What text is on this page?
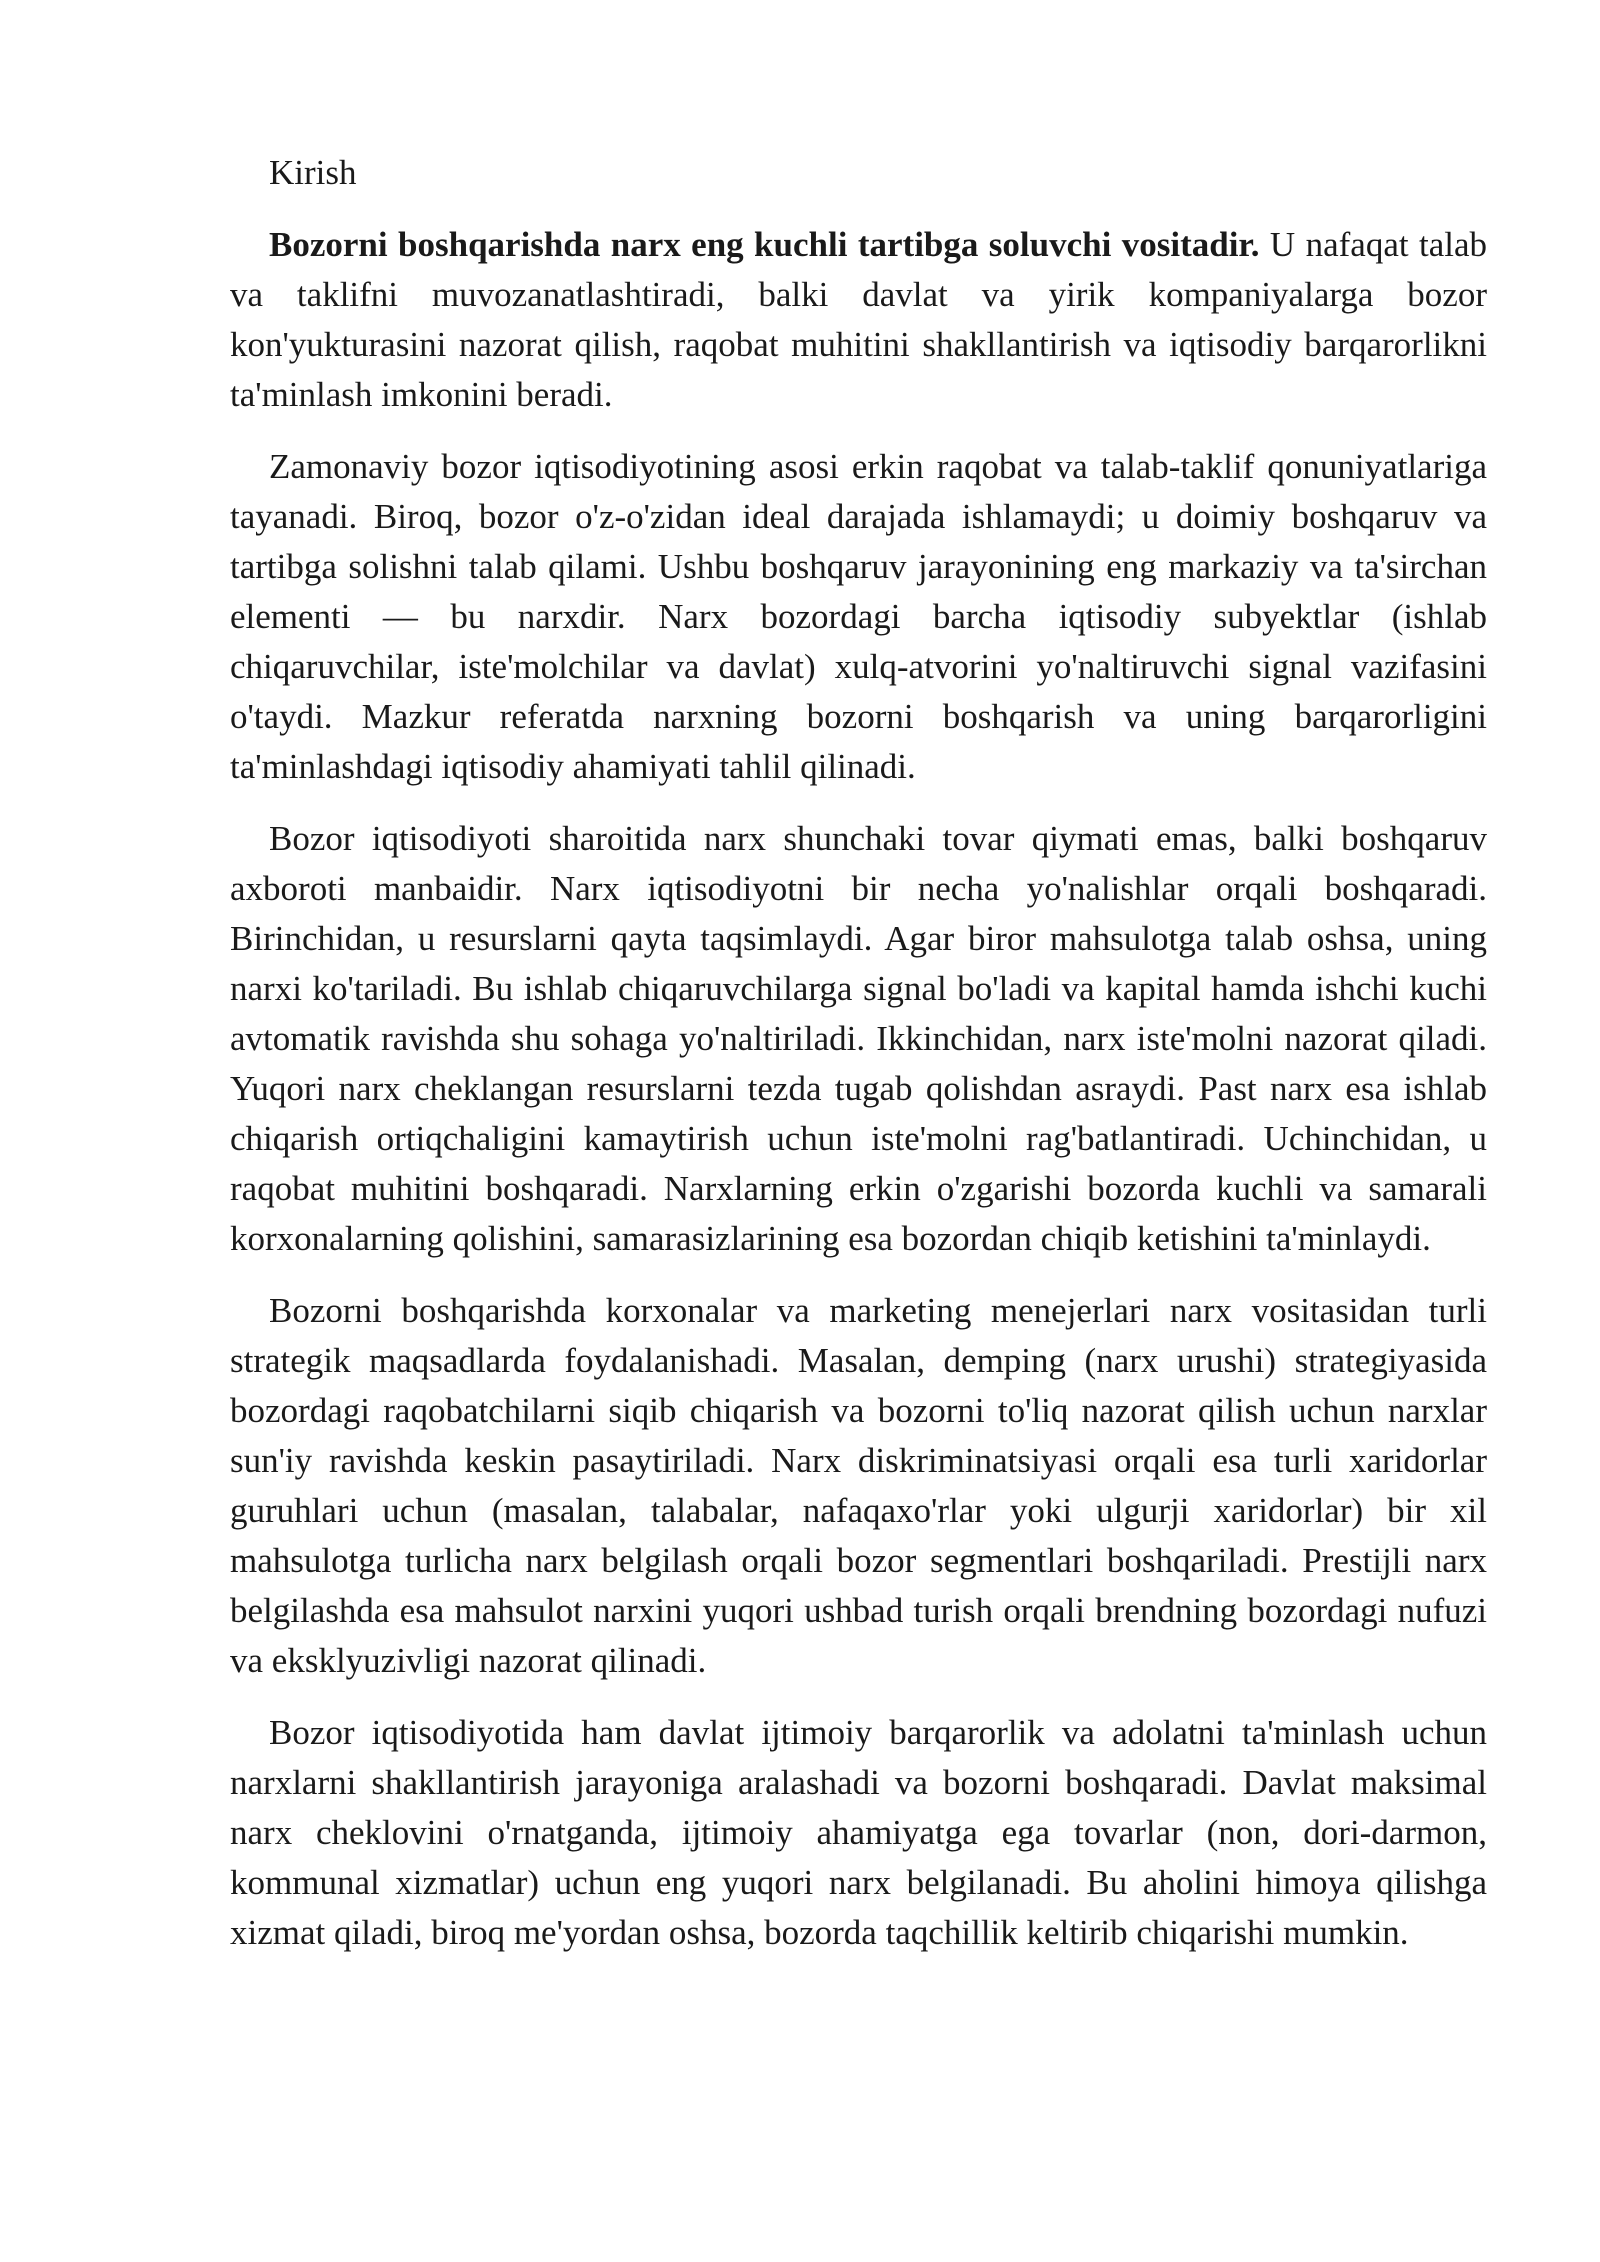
Kirish

Bozorni boshqarishda narx eng kuchli tartibga soluvchi vositadir. U nafaqat talab va taklifni muvozanatlashtiradi, balki davlat va yirik kompaniyalarga bozor kon'yukturasini nazorat qilish, raqobat muhitini shakllantirish va iqtisodiy barqarorlikni ta'minlash imkonini beradi.

Zamonaviy bozor iqtisodiyotining asosi erkin raqobat va talab-taklif qonuniyatlariga tayanadi. Biroq, bozor o'z-o'zidan ideal darajada ishlamaydi; u doimiy boshqaruv va tartibga solishni talab qilami. Ushbu boshqaruv jarayonining eng markaziy va ta'sirchan elementi — bu narxdir. Narx bozordagi barcha iqtisodiy subyektlar (ishlab chiqaruvchilar, iste'molchilar va davlat) xulq-atvorini yo'naltiruvchi signal vazifasini o'taydi. Mazkur referatda narxning bozorni boshqarish va uning barqarorligini ta'minlashdagi iqtisodiy ahamiyati tahlil qilinadi.

Bozor iqtisodiyoti sharoitida narx shunchaki tovar qiymati emas, balki boshqaruv axboroti manbaidir. Narx iqtisodiyotni bir necha yo'nalishlar orqali boshqaradi. Birinchidan, u resurslarni qayta taqsimlaydi. Agar biror mahsulotga talab oshsa, uning narxi ko'tariladi. Bu ishlab chiqaruvchilarga signal bo'ladi va kapital hamda ishchi kuchi avtomatik ravishda shu sohaga yo'naltiriladi. Ikkinchidan, narx iste'molni nazorat qiladi. Yuqori narx cheklangan resurslarni tezda tugab qolishdan asraydi. Past narx esa ishlab chiqarish ortiqchaligini kamaytirish uchun iste'molni rag'batlantiradi. Uchinchidan, u raqobat muhitini boshqaradi. Narxlarning erkin o'zgarishi bozorda kuchli va samarali korxonalarning qolishini, samarasizlarining esa bozordan chiqib ketishini ta'minlaydi.

Bozorni boshqarishda korxonalar va marketing menejerlari narx vositasidan turli strategik maqsadlarda foydalanishadi. Masalan, demping (narx urushi) strategiyasida bozordagi raqobatchilarni siqib chiqarish va bozorni to'liq nazorat qilish uchun narxlar sun'iy ravishda keskin pasaytiriladi. Narx diskriminatsiyasi orqali esa turli xaridorlar guruhlari uchun (masalan, talabalar, nafaqaxo'rlar yoki ulgurji xaridorlar) bir xil mahsulotga turlicha narx belgilash orqali bozor segmentlari boshqariladi. Prestijli narx belgilashda esa mahsulot narxini yuqori ushbad turish orqali brendning bozordagi nufuzi va eksklyuzivligi nazorat qilinadi.

Bozor iqtisodiyotida ham davlat ijtimoiy barqarorlik va adolatni ta'minlash uchun narxlarni shakllantirish jarayoniga aralashadi va bozorni boshqaradi. Davlat maksimal narx cheklovini o'rnatganda, ijtimoiy ahamiyatga ega tovarlar (non, dori-darmon, kommunal xizmatlar) uchun eng yuqori narx belgilanadi. Bu aholini himoya qilishga xizmat qiladi, biroq me'yordan oshsa, bozorda taqchillik keltirib chiqarishi mumkin.
